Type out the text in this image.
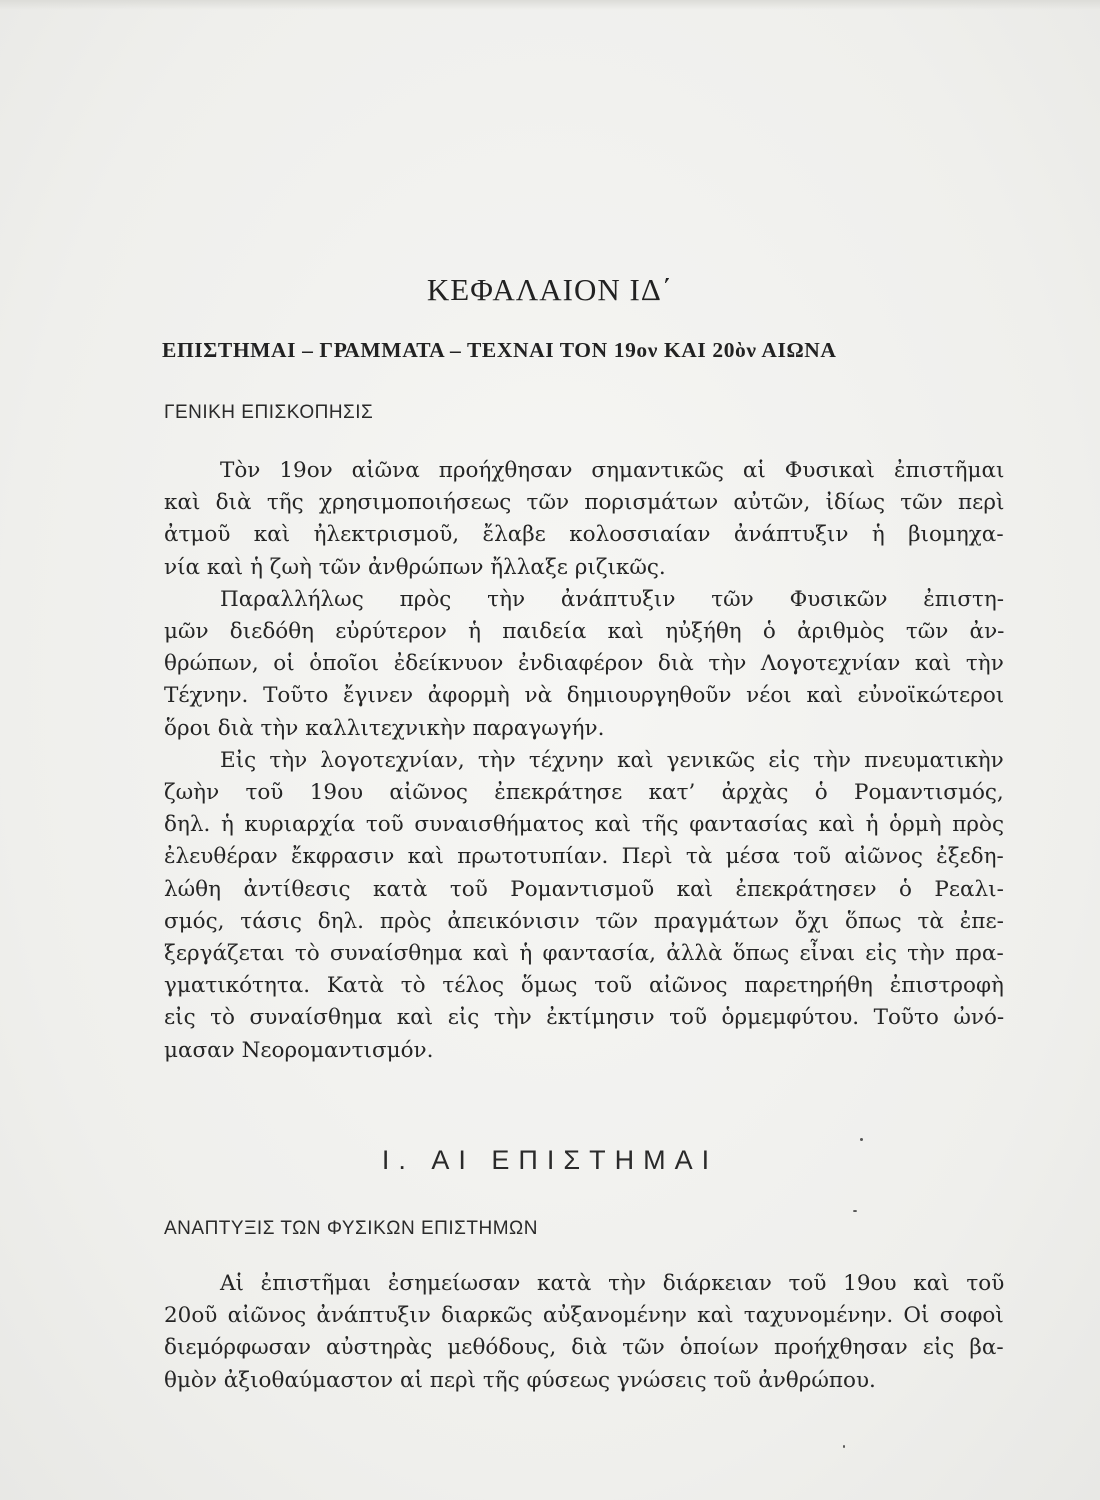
ΚΕΦΑΛΑΙΟΝ ΙΔ΄
ΕΠΙΣΤΗΜΑΙ – ΓΡΑΜΜΑΤΑ – ΤΕΧΝΑΙ ΤΟΝ 19ον ΚΑΙ 20ὸν ΑΙΩΝΑ
ΓΕΝΙΚΗ ΕΠΙΣΚΟΠΗΣΙΣ

Τὸν 19ον αἰῶνα προήχθησαν σημαντικῶς αἱ Φυσικαὶ ἐπιστῆμαι
καὶ διὰ τῆς χρησιμοποιήσεως τῶν πορισμάτων αὐτῶν, ἰδίως τῶν περὶ
ἀτμοῦ καὶ ἠλεκτρισμοῦ, ἔλαβε κολοσσιαίαν ἀνάπτυξιν ἡ βιομηχα-
νία καὶ ἡ ζωὴ τῶν ἀνθρώπων ἤλλαξε ριζικῶς.

Παραλλήλως πρὸς τὴν ἀνάπτυξιν τῶν Φυσικῶν ἐπιστη-
μῶν διεδόθη εὐρύτερον ἡ παιδεία καὶ ηὐξήθη ὁ ἀριθμὸς τῶν ἀν-
θρώπων, οἱ ὁποῖοι ἐδείκνυον ἐνδιαφέρον διὰ τὴν Λογοτεχνίαν καὶ τὴν
Τέχνην. Τοῦτο ἔγινεν ἀφορμὴ νὰ δημιουργηθοῦν νέοι καὶ εὐνοϊκώτεροι
ὅροι διὰ τὴν καλλιτεχνικὴν παραγωγήν.

Εἰς τὴν λογοτεχνίαν, τὴν τέχνην καὶ γενικῶς εἰς τὴν πνευματικὴν
ζωὴν τοῦ 19ου αἰῶνος ἐπεκράτησε κατ’ ἀρχὰς ὁ Ρομαντισμός,
δηλ. ἡ κυριαρχία τοῦ συναισθήματος καὶ τῆς φαντασίας καὶ ἡ ὁρμὴ πρὸς
ἐλευθέραν ἔκφρασιν καὶ πρωτοτυπίαν. Περὶ τὰ μέσα τοῦ αἰῶνος ἐξεδη-
λώθη ἀντίθεσις κατὰ τοῦ Ρομαντισμοῦ καὶ ἐπεκράτησεν ὁ Ρεαλι-
σμός, τάσις δηλ. πρὸς ἀπεικόνισιν τῶν πραγμάτων ὄχι ὅπως τὰ ἐπε-
ξεργάζεται τὸ συναίσθημα καὶ ἡ φαντασία, ἀλλὰ ὅπως εἶναι εἰς τὴν πρα-
γματικότητα. Κατὰ τὸ τέλος ὅμως τοῦ αἰῶνος παρετηρήθη ἐπιστροφὴ
εἰς τὸ συναίσθημα καὶ εἰς τὴν ἐκτίμησιν τοῦ ὁρμεμφύτου. Τοῦτο ὠνό-
μασαν Νεορομαντισμόν.

I. ΑΙ ΕΠΙΣΤΗΜΑΙ
ΑΝΑΠΤΥΞΙΣ ΤΩΝ ΦΥΣΙΚΩΝ ΕΠΙΣΤΗΜΩΝ

Αἱ ἐπιστῆμαι ἐσημείωσαν κατὰ τὴν διάρκειαν τοῦ 19ου καὶ τοῦ
20οῦ αἰῶνος ἀνάπτυξιν διαρκῶς αὐξανομένην καὶ ταχυνομένην. Οἱ σοφοὶ
διεμόρφωσαν αὐστηρὰς μεθόδους, διὰ τῶν ὁποίων προήχθησαν εἰς βα-
θμὸν ἀξιοθαύμαστον αἱ περὶ τῆς φύσεως γνώσεις τοῦ ἀνθρώπου.
